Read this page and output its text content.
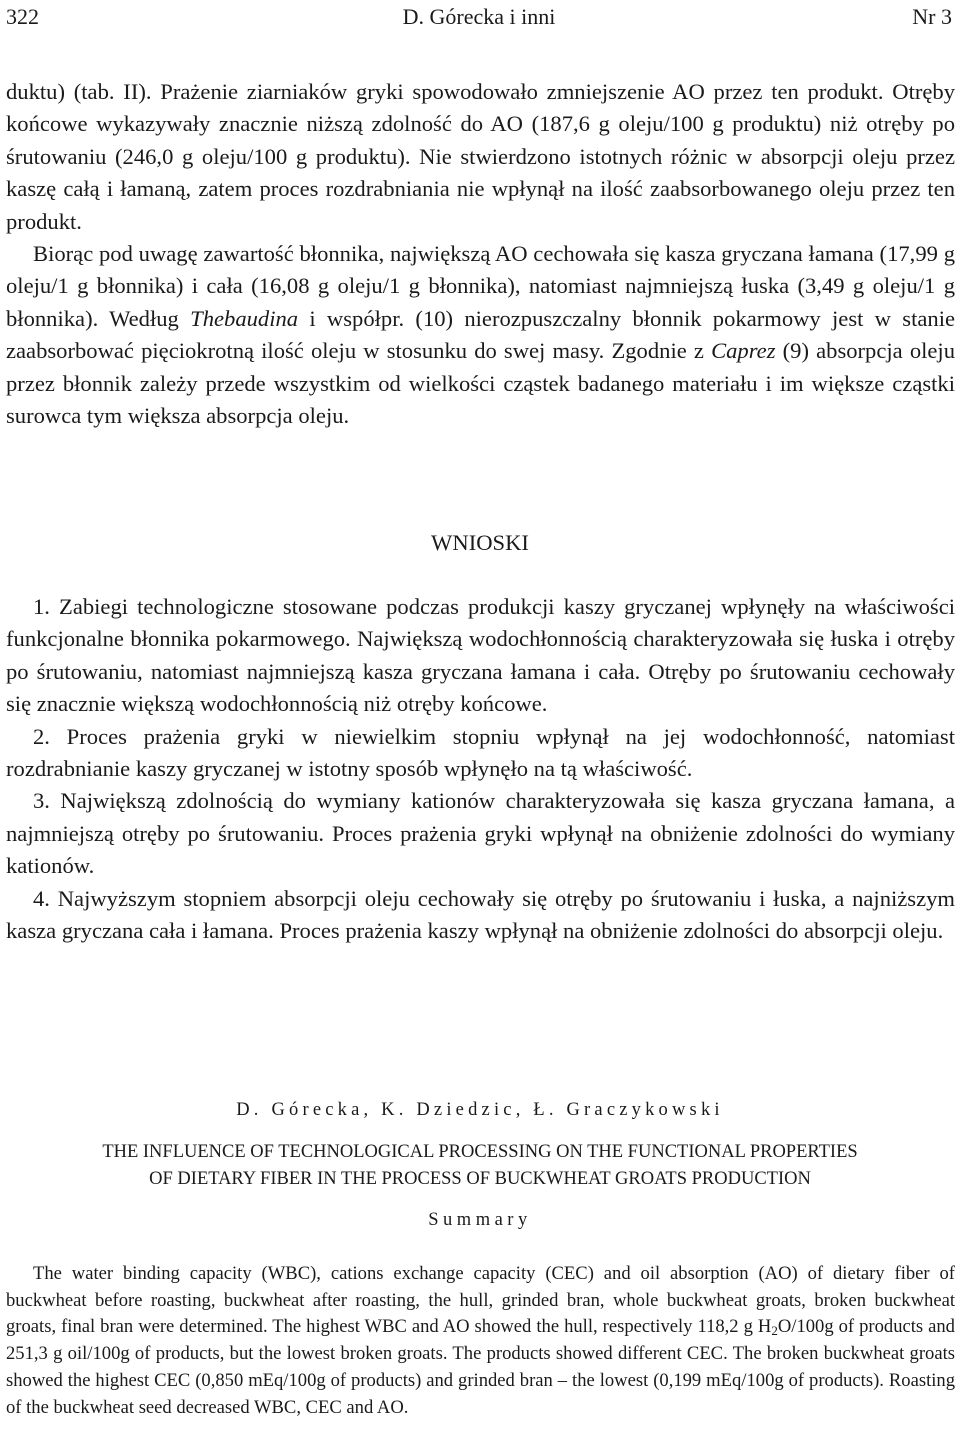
322	D. Górecka i inni	Nr 3

duktu) (tab. II). Prażenie ziarniaków gryki spowodowało zmniejszenie AO przez ten produkt. Otręby końcowe wykazywały znacznie niższą zdolność do AO (187,6 g oleju/100 g produktu) niż otręby po śrutowaniu (246,0 g oleju/100 g produktu). Nie stwierdzono istotnych różnic w absorpcji oleju przez kaszę całą i łamaną, zatem proces rozdrabniania nie wpłynął na ilość zaabsorbowanego oleju przez ten produkt.

Biorąc pod uwagę zawartość błonnika, największą AO cechowała się kasza gryczana łamana (17,99 g oleju/1 g błonnika) i cała (16,08 g oleju/1 g błonnika), natomiast najmniejszą łuska (3,49 g oleju/1 g błonnika). Według Thebaudina i współpr. (10) nierozpuszczalny błonnik pokarmowy jest w stanie zaabsorbować pięciokrotną ilość oleju w stosunku do swej masy. Zgodnie z Caprez (9) absorpcja oleju przez błonnik zależy przede wszystkim od wielkości cząstek badanego materiału i im większe cząstki surowca tym większa absorpcja oleju.

WNIOSKI

1. Zabiegi technologiczne stosowane podczas produkcji kaszy gryczanej wpłynęły na właściwości funkcjonalne błonnika pokarmowego. Największą wodochłonnością charakteryzowała się łuska i otręby po śrutowaniu, natomiast najmniejszą kasza gryczana łamana i cała. Otręby po śrutowaniu cechowały się znacznie większą wodochłonnością niż otręby końcowe.

2. Proces prażenia gryki w niewielkim stopniu wpłynął na jej wodochłonność, natomiast rozdrabnianie kaszy gryczanej w istotny sposób wpłynęło na tą właściwość.

3. Największą zdolnością do wymiany kationów charakteryzowała się kasza gryczana łamana, a najmniejszą otręby po śrutowaniu. Proces prażenia gryki wpłynął na obniżenie zdolności do wymiany kationów.

4. Najwyższym stopniem absorpcji oleju cechowały się otręby po śrutowaniu i łuska, a najniższym kasza gryczana cała i łamana. Proces prażenia kaszy wpłynął na obniżenie zdolności do absorpcji oleju.

D. Górecka, K. Dziedzic, Ł. Graczykowski
THE INFLUENCE OF TECHNOLOGICAL PROCESSING ON THE FUNCTIONAL PROPERTIES
OF DIETARY FIBER IN THE PROCESS OF BUCKWHEAT GROATS PRODUCTION
Summary

The water binding capacity (WBC), cations exchange capacity (CEC) and oil absorption (AO) of dietary fiber of buckwheat before roasting, buckwheat after roasting, the hull, grinded bran, whole buckwheat groats, broken buckwheat groats, final bran were determined. The highest WBC and AO showed the hull, respectively 118,2 g $H_2O/100g$ of products and 251,3 g oil/100g of products, but the lowest broken groats. The products showed different CEC. The broken buckwheat groats showed the highest CEC (0,850 mEq/100g of products) and grinded bran – the lowest (0,199 mEq/100g of products). Roasting of the buckwheat seed decreased WBC, CEC and AO.
